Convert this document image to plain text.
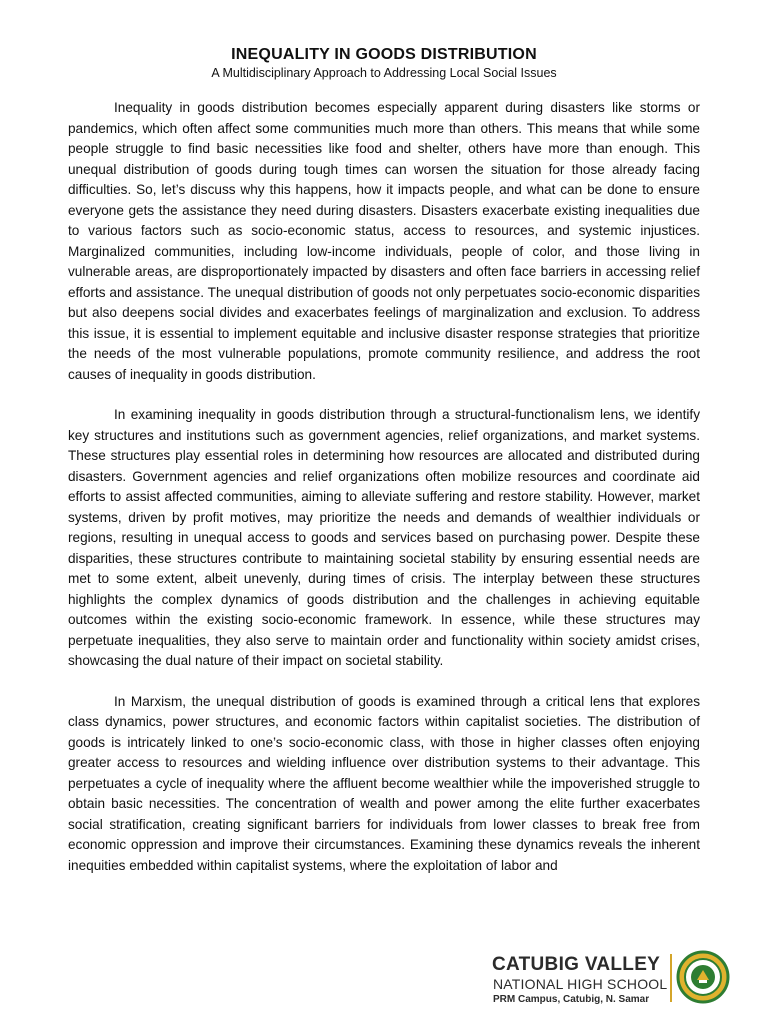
INEQUALITY IN GOODS DISTRIBUTION
A Multidisciplinary Approach to Addressing Local Social Issues

Inequality in goods distribution becomes especially apparent during disasters like storms or pandemics, which often affect some communities much more than others. This means that while some people struggle to find basic necessities like food and shelter, others have more than enough. This unequal distribution of goods during tough times can worsen the situation for those already facing difficulties. So, let’s discuss why this happens, how it impacts people, and what can be done to ensure everyone gets the assistance they need during disasters. Disasters exacerbate existing inequalities due to various factors such as socio-economic status, access to resources, and systemic injustices. Marginalized communities, including low-income individuals, people of color, and those living in vulnerable areas, are disproportionately impacted by disasters and often face barriers in accessing relief efforts and assistance. The unequal distribution of goods not only perpetuates socio-economic disparities but also deepens social divides and exacerbates feelings of marginalization and exclusion. To address this issue, it is essential to implement equitable and inclusive disaster response strategies that prioritize the needs of the most vulnerable populations, promote community resilience, and address the root causes of inequality in goods distribution.

In examining inequality in goods distribution through a structural-functionalism lens, we identify key structures and institutions such as government agencies, relief organizations, and market systems. These structures play essential roles in determining how resources are allocated and distributed during disasters. Government agencies and relief organizations often mobilize resources and coordinate aid efforts to assist affected communities, aiming to alleviate suffering and restore stability. However, market systems, driven by profit motives, may prioritize the needs and demands of wealthier individuals or regions, resulting in unequal access to goods and services based on purchasing power. Despite these disparities, these structures contribute to maintaining societal stability by ensuring essential needs are met to some extent, albeit unevenly, during times of crisis. The interplay between these structures highlights the complex dynamics of goods distribution and the challenges in achieving equitable outcomes within the existing socio-economic framework. In essence, while these structures may perpetuate inequalities, they also serve to maintain order and functionality within society amidst crises, showcasing the dual nature of their impact on societal stability.

In Marxism, the unequal distribution of goods is examined through a critical lens that explores class dynamics, power structures, and economic factors within capitalist societies. The distribution of goods is intricately linked to one’s socio-economic class, with those in higher classes often enjoying greater access to resources and wielding influence over distribution systems to their advantage. This perpetuates a cycle of inequality where the affluent become wealthier while the impoverished struggle to obtain basic necessities. The concentration of wealth and power among the elite further exacerbates social stratification, creating significant barriers for individuals from lower classes to break free from economic oppression and improve their circumstances. Examining these dynamics reveals the inherent inequities embedded within capitalist systems, where the exploitation of labor and

CATUBIG VALLEY
NATIONAL HIGH SCHOOL
PRM Campus, Catubig, N. Samar
